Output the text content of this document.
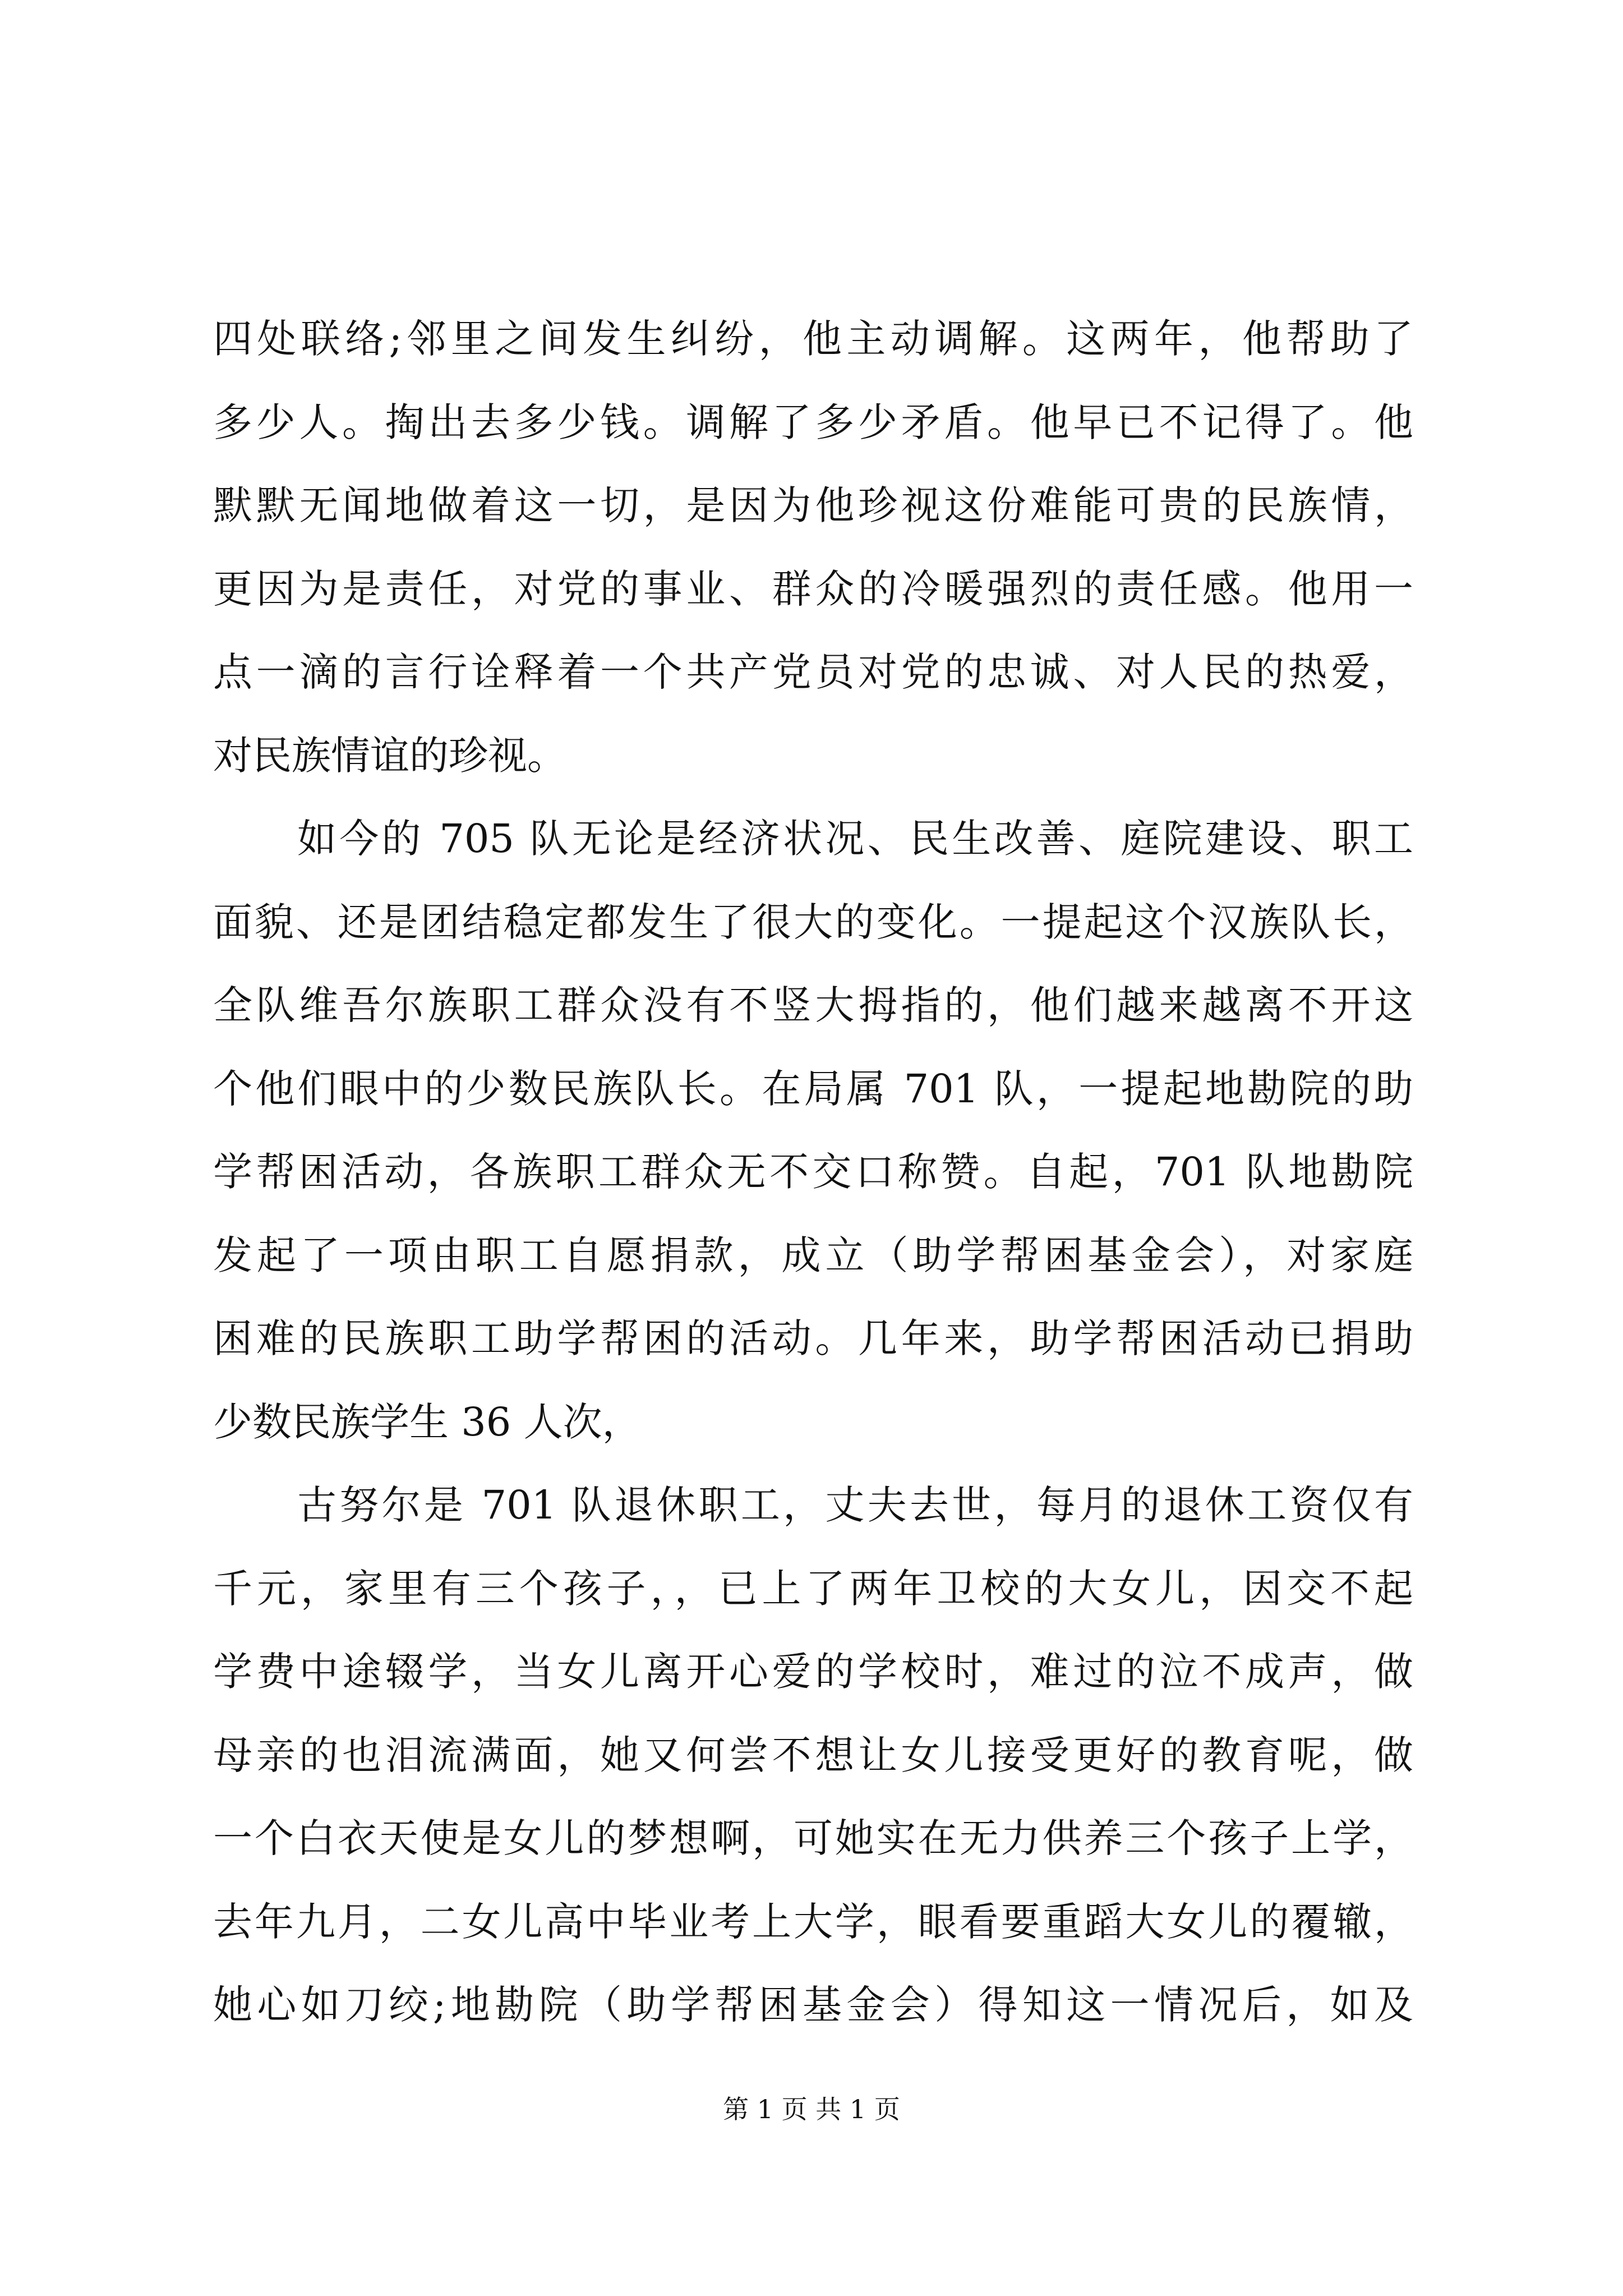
四处联络;邻里之间发生纠纷，他主动调解。这两年，他帮助了
多少人。掏出去多少钱。调解了多少矛盾。他早已不记得了。他
默默无闻地做着这一切，是因为他珍视这份难能可贵的民族情，
更因为是责任，对党的事业、群众的冷暖强烈的责任感。他用一
点一滴的言行诠释着一个共产党员对党的忠诚、对人民的热爱，
对民族情谊的珍视。
如今的 705 队无论是经济状况、民生改善、庭院建设、职工
面貌、还是团结稳定都发生了很大的变化。一提起这个汉族队长，
全队维吾尔族职工群众没有不竖大拇指的，他们越来越离不开这
个他们眼中的少数民族队长。在局属 701 队，一提起地勘院的助
学帮困活动，各族职工群众无不交口称赞。自起，701 队地勘院
发起了一项由职工自愿捐款，成立（助学帮困基金会），对家庭
困难的民族职工助学帮困的活动。几年来，助学帮困活动已捐助
少数民族学生 36 人次，
古努尔是 701 队退休职工，丈夫去世，每月的退休工资仅有
千元，家里有三个孩子，，已上了两年卫校的大女儿，因交不起
学费中途辍学，当女儿离开心爱的学校时，难过的泣不成声，做
母亲的也泪流满面，她又何尝不想让女儿接受更好的教育呢，做
一个白衣天使是女儿的梦想啊，可她实在无力供养三个孩子上学，
去年九月，二女儿高中毕业考上大学，眼看要重蹈大女儿的覆辙，
她心如刀绞;地勘院（助学帮困基金会）得知这一情况后，如及
第 1 页 共 1 页
